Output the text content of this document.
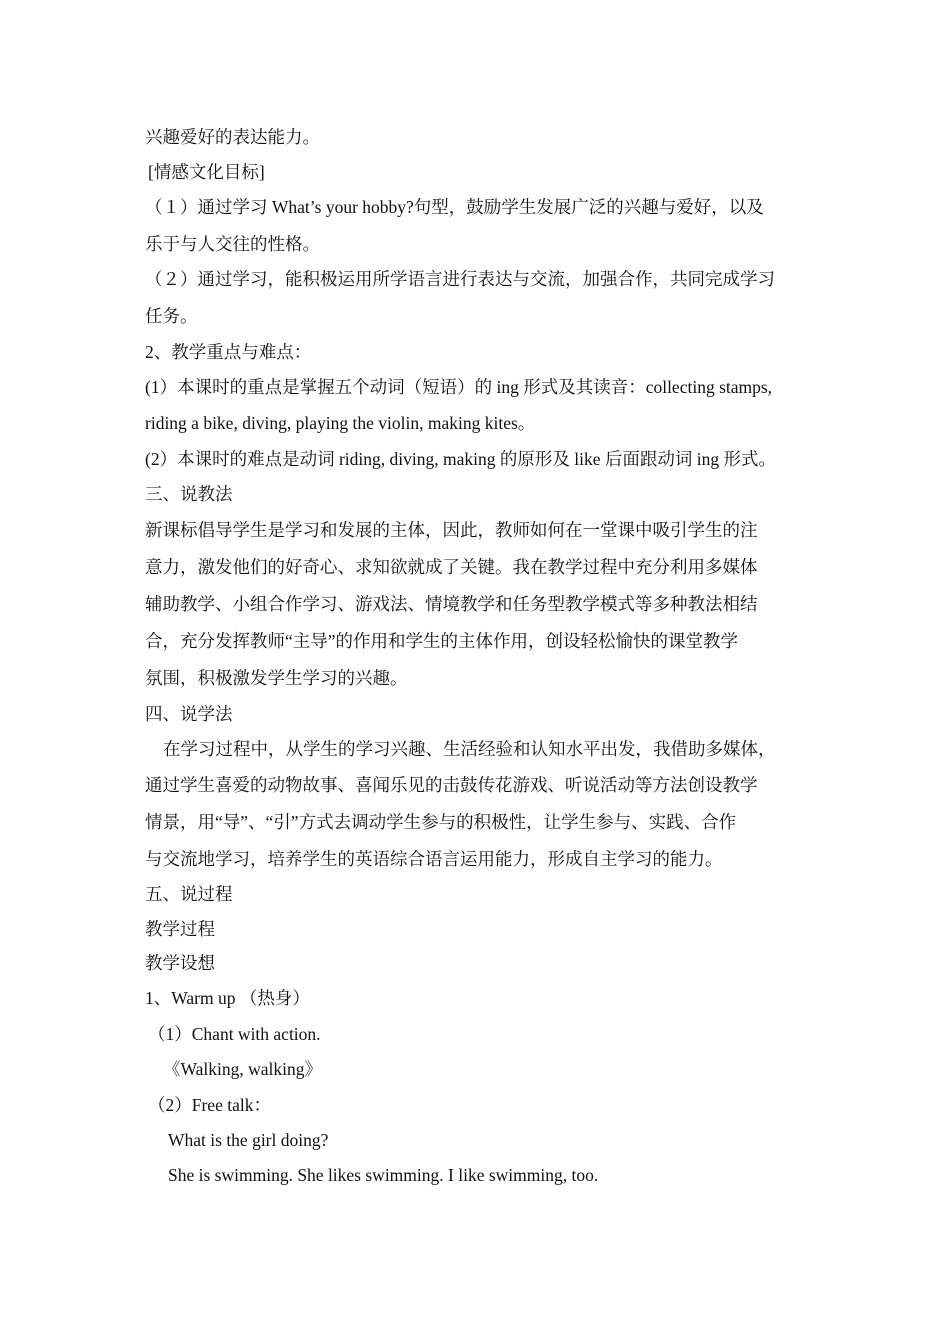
兴趣爱好的表达能力。
[情感文化目标]
（１）通过学习 What’s your hobby?句型，鼓励学生发展广泛的兴趣与爱好，以及
乐于与人交往的性格。
（２）通过学习，能积极运用所学语言进行表达与交流，加强合作，共同完成学习
任务。
2、教学重点与难点：
(1）本课时的重点是掌握五个动词（短语）的 ing 形式及其读音：collecting stamps,
riding a bike, diving, playing the violin, making kites。
(2）本课时的难点是动词 riding, diving, making 的原形及 like 后面跟动词 ing 形式。
三、说教法
新课标倡导学生是学习和发展的主体，因此，教师如何在一堂课中吸引学生的注
意力，激发他们的好奇心、求知欲就成了关键。我在教学过程中充分利用多媒体
辅助教学、小组合作学习、游戏法、情境教学和任务型教学模式等多种教法相结
合，充分发挥教师“主导”的作用和学生的主体作用，创设轻松愉快的课堂教学
氛围，积极激发学生学习的兴趣。
四、说学法
在学习过程中，从学生的学习兴趣、生活经验和认知水平出发，我借助多媒体，
通过学生喜爱的动物故事、喜闻乐见的击鼓传花游戏、听说活动等方法创设教学
情景，用“导”、“引”方式去调动学生参与的积极性，让学生参与、实践、合作
与交流地学习，培养学生的英语综合语言运用能力，形成自主学习的能力。
五、说过程
教学过程
教学设想
1、Warm up （热身）
（1）Chant with action.
《Walking, walking》
（2）Free talk：
What is the girl doing?
She is swimming. She likes swimming. I like swimming, too.
